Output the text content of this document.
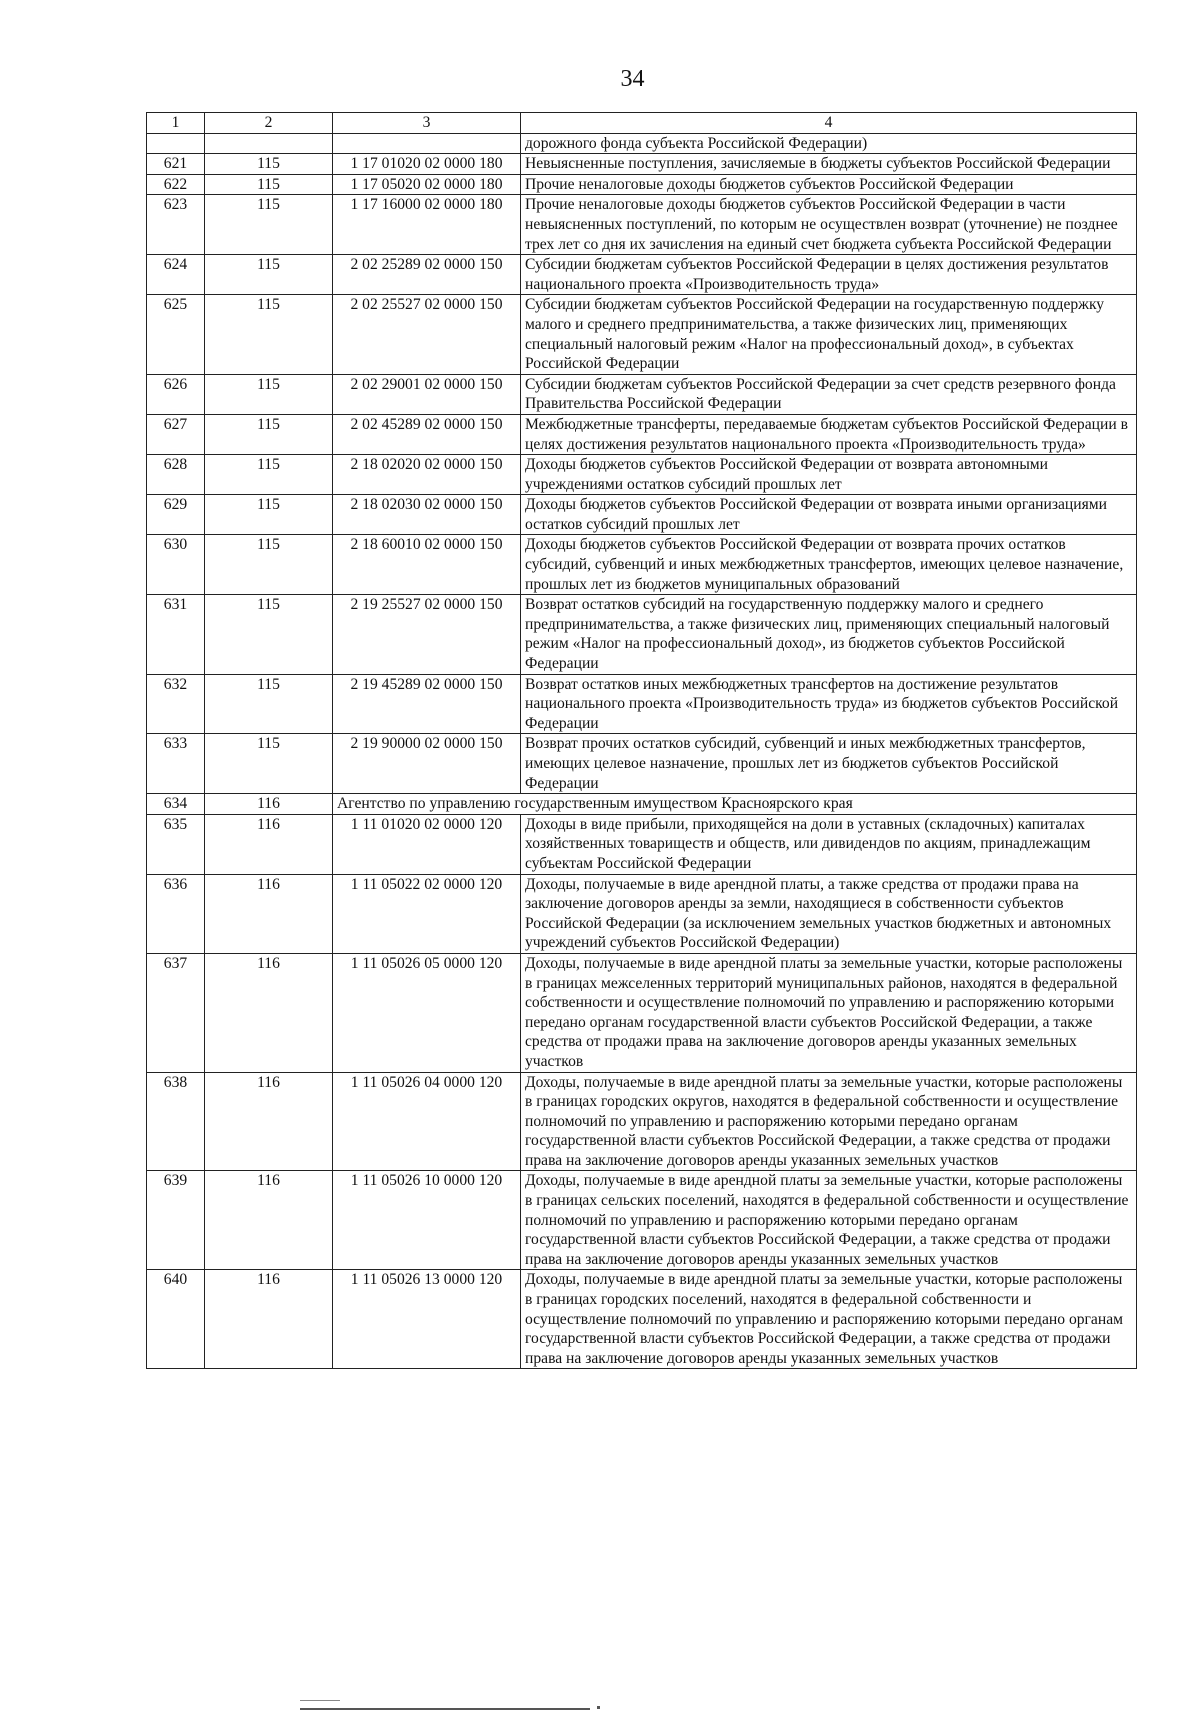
34
1	2	3	4
			дорожного фонда субъекта Российской Федерации)
621	115	1 17 01020 02 0000 180	Невыясненные поступления, зачисляемые в бюджеты субъектов Российской Федерации
622	115	1 17 05020 02 0000 180	Прочие неналоговые доходы бюджетов субъектов Российской Федерации
623	115	1 17 16000 02 0000 180	Прочие неналоговые доходы бюджетов субъектов Российской Федерации в части невыясненных поступлений, по которым не осуществлен возврат (уточнение) не позднее трех лет со дня их зачисления на единый счет бюджета субъекта Российской Федерации
624	115	2 02 25289 02 0000 150	Субсидии бюджетам субъектов Российской Федерации в целях достижения результатов национального проекта «Производительность труда»
625	115	2 02 25527 02 0000 150	Субсидии бюджетам субъектов Российской Федерации на государственную поддержку малого и среднего предпринимательства, а также физических лиц, применяющих специальный налоговый режим «Налог на профессиональный доход», в субъектах Российской Федерации
626	115	2 02 29001 02 0000 150	Субсидии бюджетам субъектов Российской Федерации за счет средств резервного фонда Правительства Российской Федерации
627	115	2 02 45289 02 0000 150	Межбюджетные трансферты, передаваемые бюджетам субъектов Российской Федерации в целях достижения результатов национального проекта «Производительность труда»
628	115	2 18 02020 02 0000 150	Доходы бюджетов субъектов Российской Федерации от возврата автономными учреждениями остатков субсидий прошлых лет
629	115	2 18 02030 02 0000 150	Доходы бюджетов субъектов Российской Федерации от возврата иными организациями остатков субсидий прошлых лет
630	115	2 18 60010 02 0000 150	Доходы бюджетов субъектов Российской Федерации от возврата прочих остатков субсидий, субвенций и иных межбюджетных трансфертов, имеющих целевое назначение, прошлых лет из бюджетов муниципальных образований
631	115	2 19 25527 02 0000 150	Возврат остатков субсидий на государственную поддержку малого и среднего предпринимательства, а также физических лиц, применяющих специальный налоговый режим «Налог на профессиональный доход», из бюджетов субъектов Российской Федерации
632	115	2 19 45289 02 0000 150	Возврат остатков иных межбюджетных трансфертов на достижение результатов национального проекта «Производительность труда» из бюджетов субъектов Российской Федерации
633	115	2 19 90000 02 0000 150	Возврат прочих остатков субсидий, субвенций и иных межбюджетных трансфертов, имеющих целевое назначение, прошлых лет из бюджетов субъектов Российской Федерации
634	116	Агентство по управлению государственным имуществом Красноярского края	
635	116	1 11 01020 02 0000 120	Доходы в виде прибыли, приходящейся на доли в уставных (складочных) капиталах хозяйственных товариществ и обществ, или дивидендов по акциям, принадлежащим субъектам Российской Федерации
636	116	1 11 05022 02 0000 120	Доходы, получаемые в виде арендной платы, а также средства от продажи права на заключение договоров аренды за земли, находящиеся в собственности субъектов Российской Федерации (за исключением земельных участков бюджетных и автономных учреждений субъектов Российской Федерации)
637	116	1 11 05026 05 0000 120	Доходы, получаемые в виде арендной платы за земельные участки, которые расположены в границах межселенных территорий муниципальных районов, находятся в федеральной собственности и осуществление полномочий по управлению и распоряжению которыми передано органам государственной власти субъектов Российской Федерации, а также средства от продажи права на заключение договоров аренды указанных земельных участков
638	116	1 11 05026 04 0000 120	Доходы, получаемые в виде арендной платы за земельные участки, которые расположены в границах городских округов, находятся в федеральной собственности и осуществление полномочий по управлению и распоряжению которыми передано органам государственной власти субъектов Российской Федерации, а также средства от продажи права на заключение договоров аренды указанных земельных участков
639	116	1 11 05026 10 0000 120	Доходы, получаемые в виде арендной платы за земельные участки, которые расположены в границах сельских поселений, находятся в федеральной собственности и осуществление полномочий по управлению и распоряжению которыми передано органам государственной власти субъектов Российской Федерации, а также средства от продажи права на заключение договоров аренды указанных земельных участков
640	116	1 11 05026 13 0000 120	Доходы, получаемые в виде арендной платы за земельные участки, которые расположены в границах городских поселений, находятся в федеральной собственности и осуществление полномочий по управлению и распоряжению которыми передано органам государственной власти субъектов Российской Федерации, а также средства от продажи права на заключение договоров аренды указанных земельных участков
